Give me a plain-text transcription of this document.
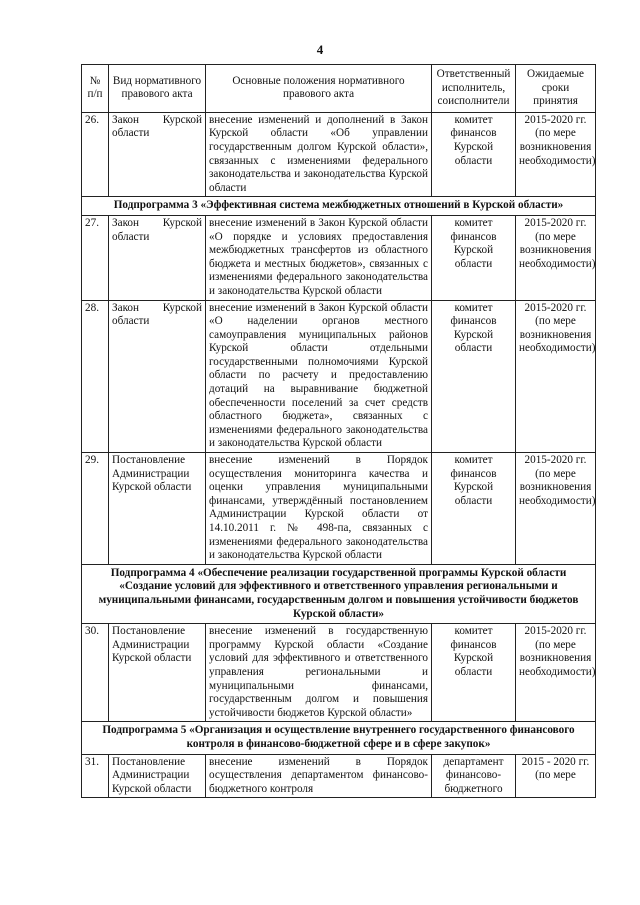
4
№ п/п	Вид нормативного правового акта	Основные положения нормативного правового акта	Ответственный исполнитель, соисполнители	Ожидаемые сроки принятия
26.	Закон Курской области	внесение изменений и дополнений в Закон Курской области «Об управлении государственным долгом Курской области», связанных с изменениями федерального законодательства и законодательства Курской области	комитет финансов Курской области	2015-2020 гг. (по мере возникновения необходимости)
Подпрограмма 3 «Эффективная система межбюджетных отношений в Курской области»				
27.	Закон Курской области	внесение изменений в Закон Курской области «О порядке и условиях предоставления межбюджетных трансфертов из областного бюджета и местных бюджетов», связанных с изменениями федерального законодательства и законодательства Курской области	комитет финансов Курской области	2015-2020 гг. (по мере возникновения необходимости)
28.	Закон Курской области	внесение изменений в Закон Курской области «О наделении органов местного самоуправления муниципальных районов Курской области отдельными государственными полномочиями Курской области по расчету и предоставлению дотаций на выравнивание бюджетной обеспеченности поселений за счет средств областного бюджета», связанных с изменениями федерального законодательства и законодательства Курской области	комитет финансов Курской области	2015-2020 гг. (по мере возникновения необходимости)
29.	Постановление Администрации Курской области	внесение изменений в Порядок осуществления мониторинга качества и оценки управления муниципальными финансами, утверждённый постановлением Администрации Курской области от 14.10.2011 г. № 498-па, связанных с изменениями федерального законодательства и законодательства Курской области	комитет финансов Курской области	2015-2020 гг. (по мере возникновения необходимости)
Подпрограмма 4 «Обеспечение реализации государственной программы Курской области «Создание условий для эффективного и ответственного управления региональными и муниципальными финансами, государственным долгом и повышения устойчивости бюджетов Курской области»				
30.	Постановление Администрации Курской области	внесение изменений в государственную программу Курской области «Создание условий для эффективного и ответственного управления региональными и муниципальными финансами, государственным долгом и повышения устойчивости бюджетов Курской области»	комитет финансов Курской области	2015-2020 гг. (по мере возникновения необходимости)
Подпрограмма 5 «Организация и осуществление внутреннего государственного финансового контроля в финансово-бюджетной сфере и в сфере закупок»				
31.	Постановление Администрации Курской области	внесение изменений в Порядок осуществления департаментом финансово-бюджетного контроля	департамент финансово-бюджетного	2015 - 2020 гг. (по мере
